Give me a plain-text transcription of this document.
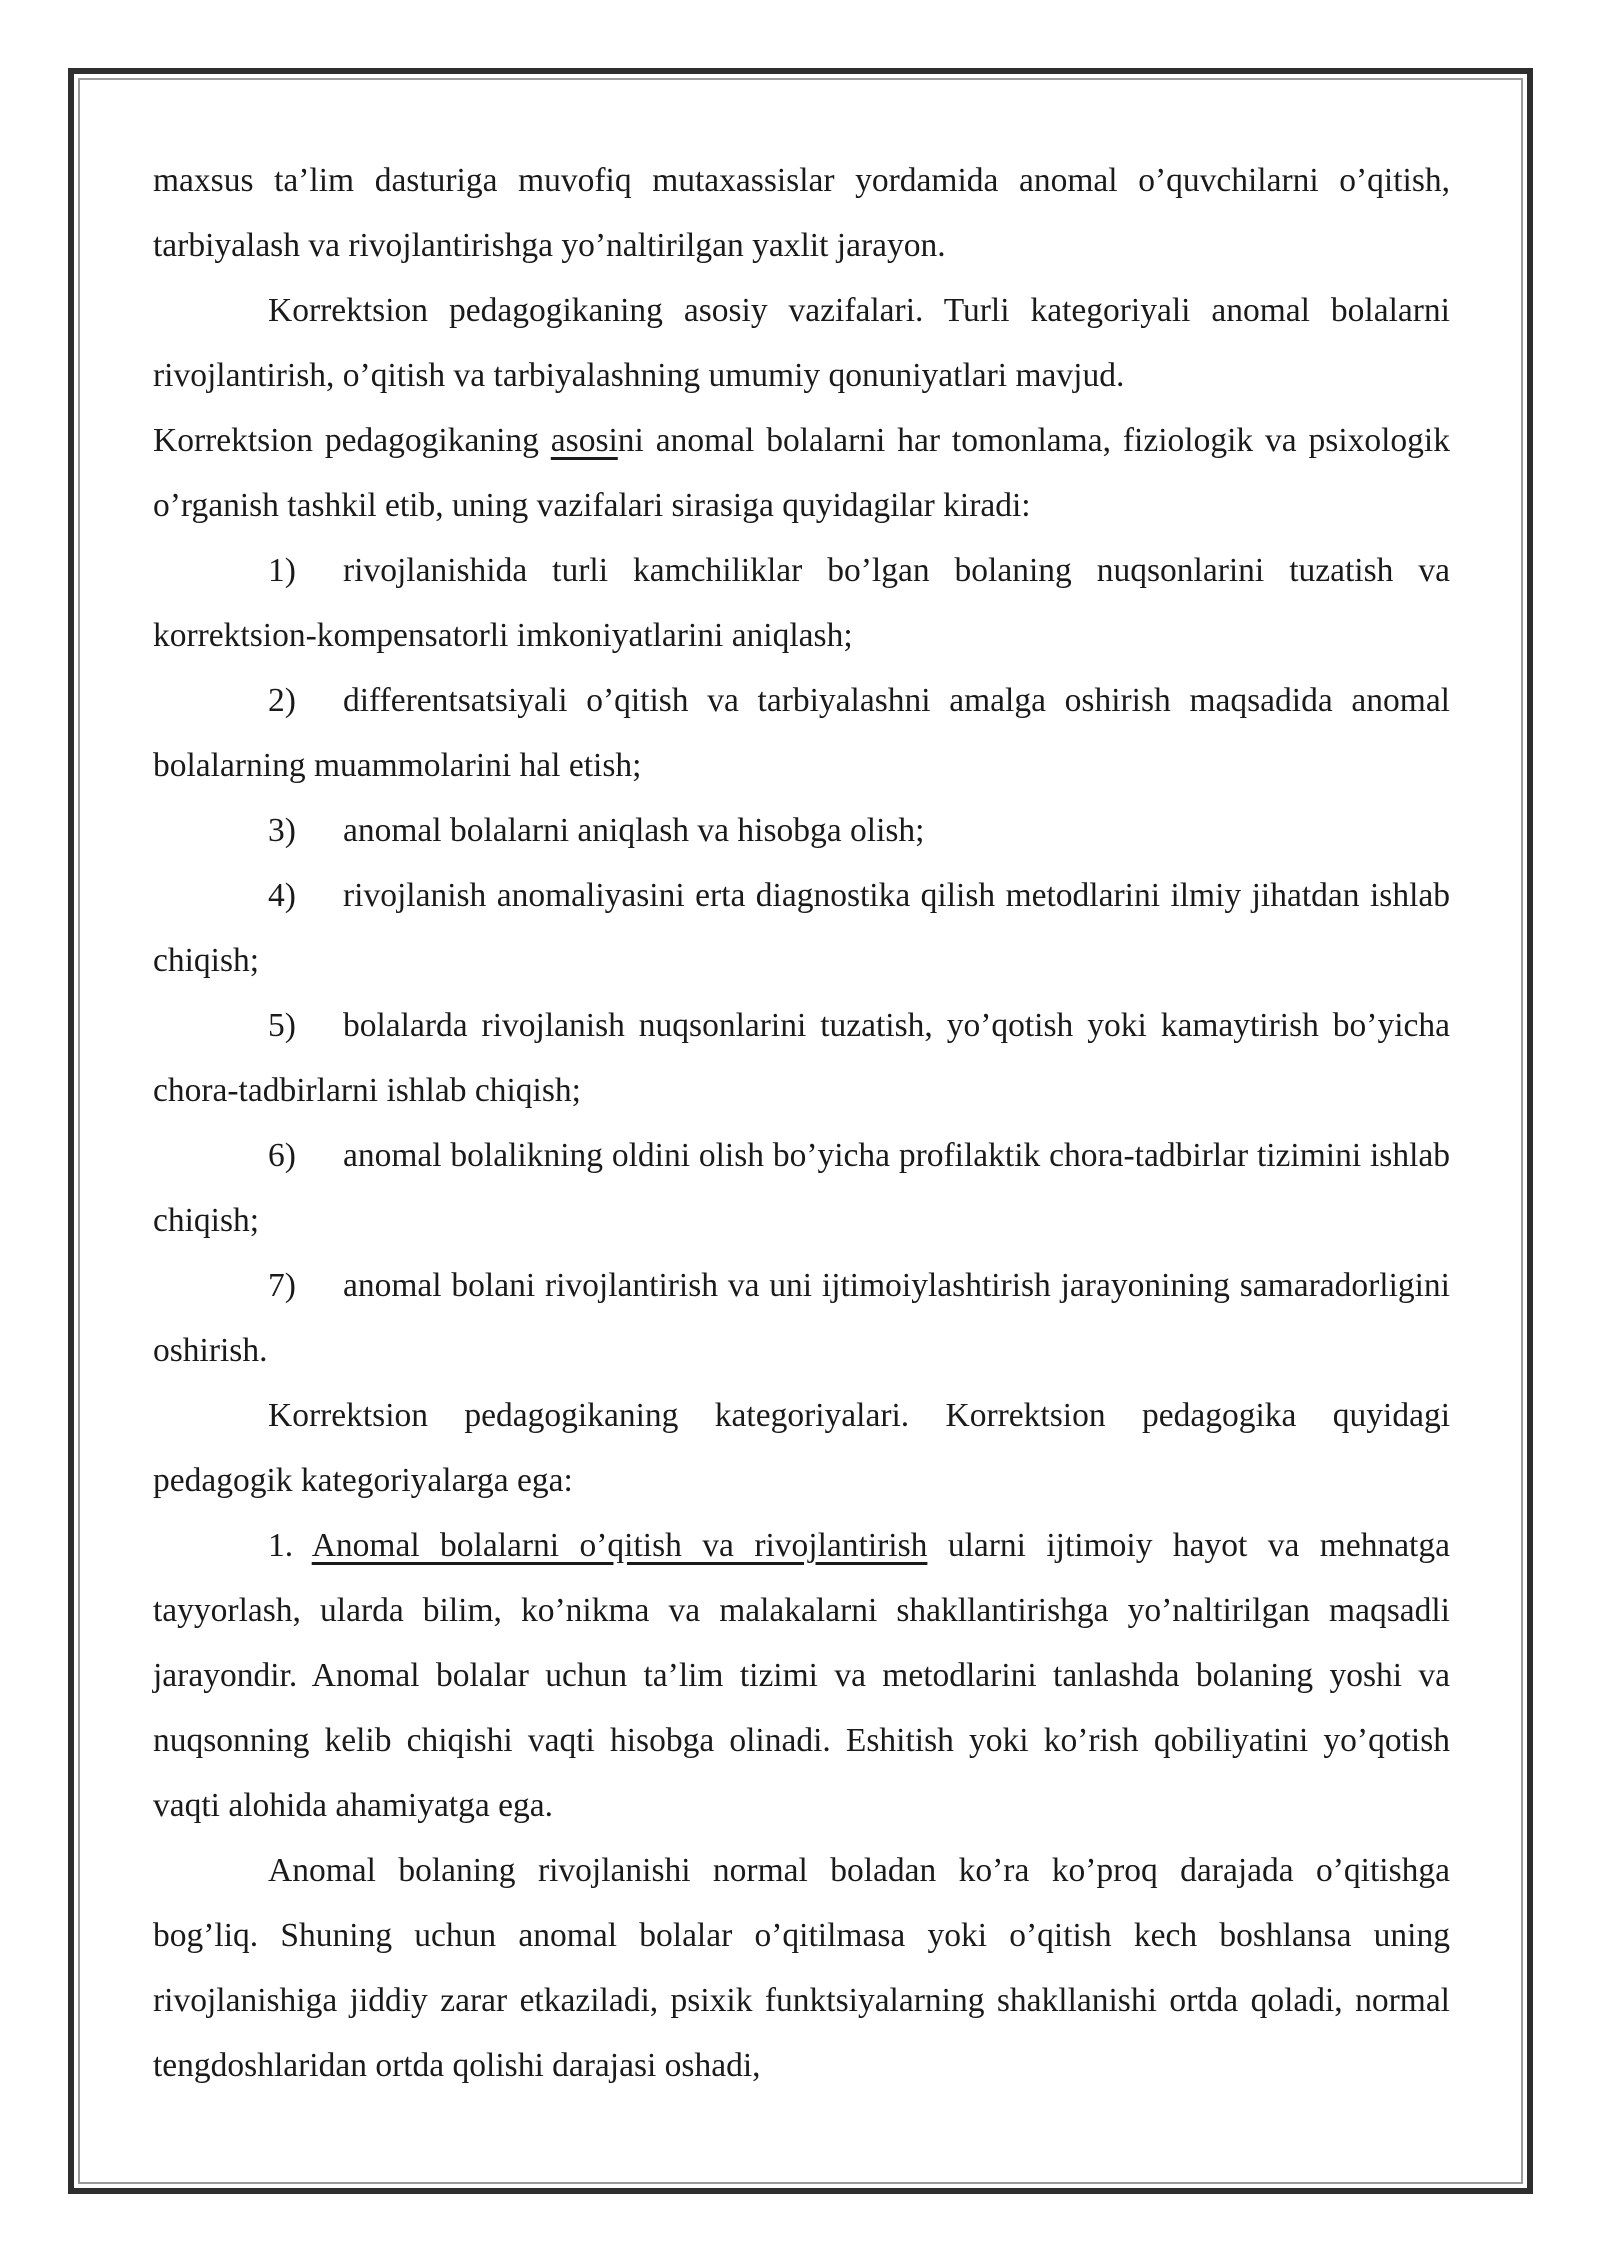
maxsus ta’lim dasturiga muvofiq mutaxassislar yordamida anomal o’quvchilarni o’qitish, tarbiyalash va rivojlantirishga yo’naltirilgan yaxlit jarayon.

Korrektsion pedagogikaning asosiy vazifalari. Turli kategoriyali anomal bolalarni rivojlantirish, o’qitish va tarbiyalashning umumiy qonuniyatlari mavjud.

Korrektsion pedagogikaning asosini anomal bolalarni har tomonlama, fiziologik va psixologik o’rganish tashkil etib, uning vazifalari sirasiga quyidagilar kiradi:

1) rivojlanishida turli kamchiliklar bo’lgan bolaning nuqsonlarini tuzatish va korrektsion-kompensatorli imkoniyatlarini aniqlash;

2) differentsatsiyali o’qitish va tarbiyalashni amalga oshirish maqsadida anomal bolalarning muammolarini hal etish;

3) anomal bolalarni aniqlash va hisobga olish;

4) rivojlanish anomaliyasini erta diagnostika qilish metodlarini ilmiy jihatdan ishlab chiqish;

5) bolalarda rivojlanish nuqsonlarini tuzatish, yo’qotish yoki kamaytirish bo’yicha chora-tadbirlarni ishlab chiqish;

6) anomal bolalikning oldini olish bo’yicha profilaktik chora-tadbirlar tizimini ishlab chiqish;

7) anomal bolani rivojlantirish va uni ijtimoiylashtirish jarayonining samaradorligini oshirish.

Korrektsion pedagogikaning kategoriyalari. Korrektsion pedagogika quyidagi pedagogik kategoriyalarga ega:

1. Anomal bolalarni o’qitish va rivojlantirish ularni ijtimoiy hayot va mehnatga tayyorlash, ularda bilim, ko’nikma va malakalarni shakllantirishga yo’naltirilgan maqsadli jarayondir. Anomal bolalar uchun ta’lim tizimi va metodlarini tanlashda bolaning yoshi va nuqsonning kelib chiqishi vaqti hisobga olinadi. Eshitish yoki ko’rish qobiliyatini yo’qotish vaqti alohida ahamiyatga ega.

Anomal bolaning rivojlanishi normal boladan ko’ra ko’proq darajada o’qitishga bog’liq. Shuning uchun anomal bolalar o’qitilmasa yoki o’qitish kech boshlansa uning rivojlanishiga jiddiy zarar etkaziladi, psixik funktsiyalarning shakllanishi ortda qoladi, normal tengdoshlaridan ortda qolishi darajasi oshadi,
